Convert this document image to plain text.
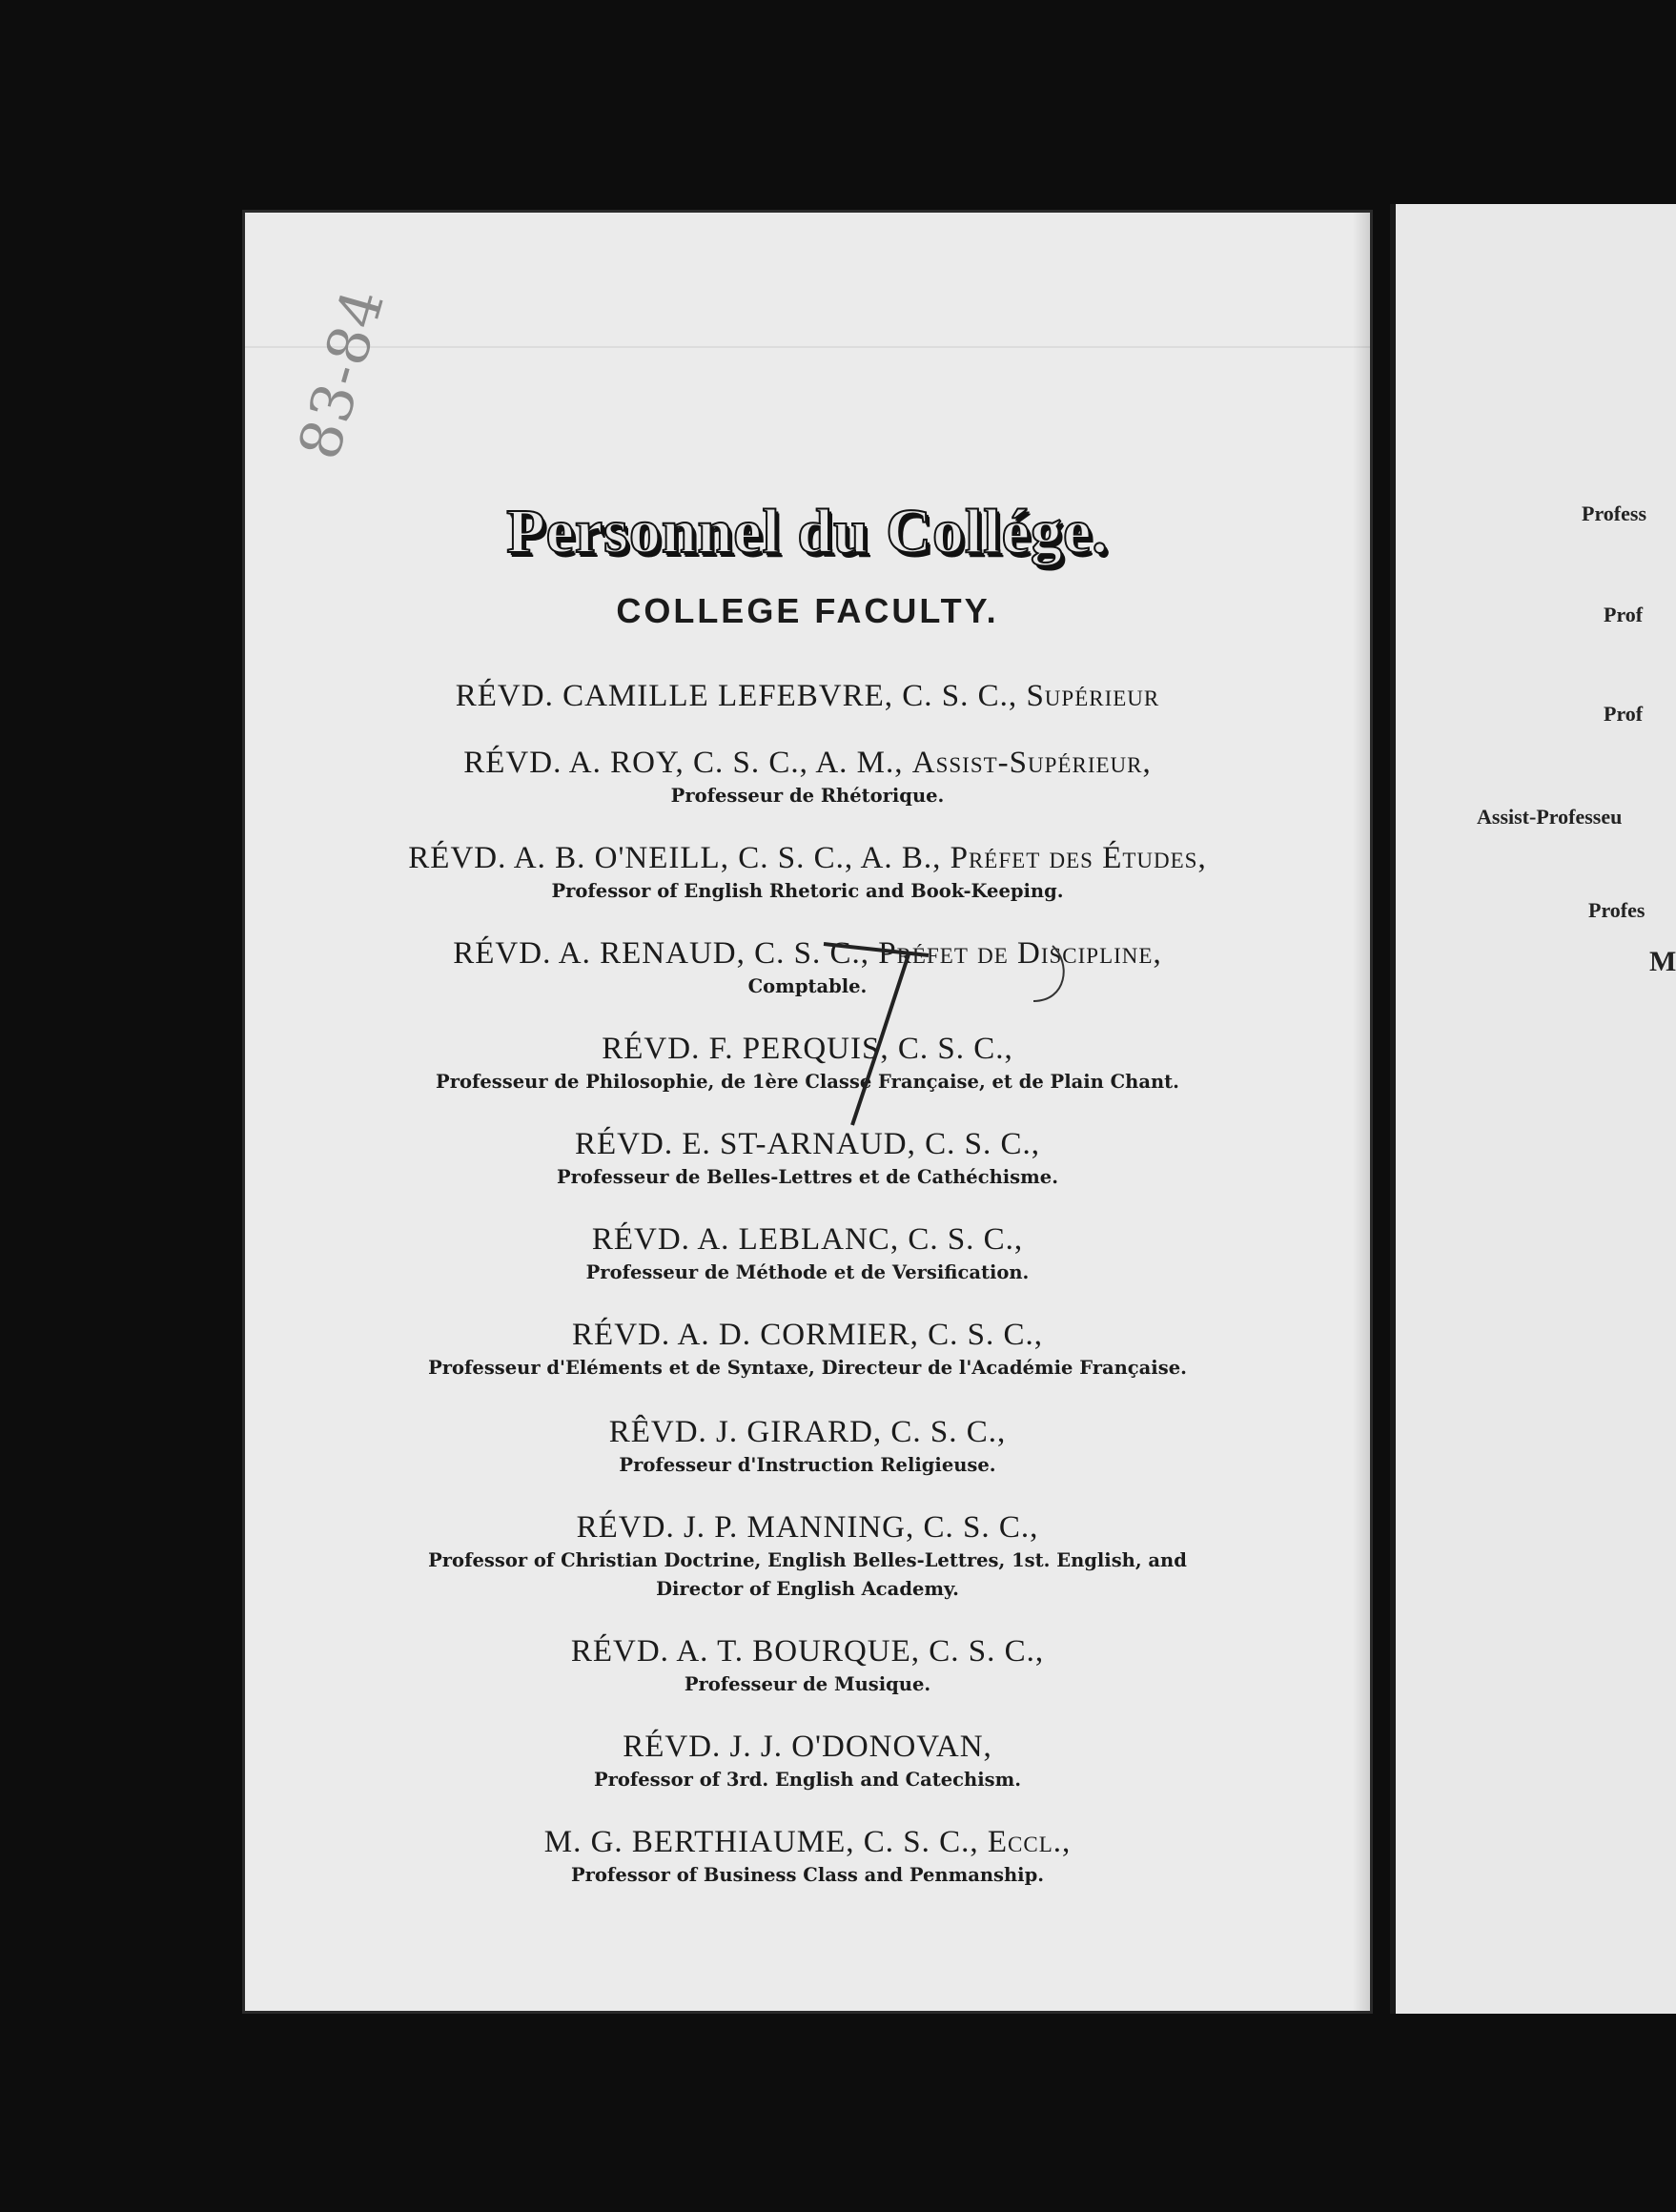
Profess
Prof
Prof
Assist-Professeu
Profes
M
83-84
Personnel du Collége.
COLLEGE FACULTY.
RÉVD. CAMILLE LEFEBVRE, C. S. C., Supérieur
RÉVD. A. ROY, C. S. C., A. M., Assist-Supérieur,
Professeur de Rhétorique.
RÉVD. A. B. O'NEILL, C. S. C., A. B., Préfet des Études,
Professor of English Rhetoric and Book-Keeping.
RÉVD. A. RENAUD, C. S. C., Préfet de Discipline,
Comptable.
RÉVD. F. PERQUIS, C. S. C.,
Professeur de Philosophie, de 1ère Classe Française, et de Plain Chant.
RÉVD. E. ST-ARNAUD, C. S. C.,
Professeur de Belles-Lettres et de Cathéchisme.
RÉVD. A. LEBLANC, C. S. C.,
Professeur de Méthode et de Versification.
RÉVD. A. D. CORMIER, C. S. C.,
Professeur d'Eléments et de Syntaxe, Directeur de l'Académie Française.
RÊVD. J. GIRARD, C. S. C.,
Professeur d'Instruction Religieuse.
RÉVD. J. P. MANNING, C. S. C.,
Professor of Christian Doctrine, English Belles-Lettres, 1st. English, and
Director of English Academy.
RÉVD. A. T. BOURQUE, C. S. C.,
Professeur de Musique.
RÉVD. J. J. O'DONOVAN,
Professor of 3rd. English and Catechism.
M. G. BERTHIAUME, C. S. C., Eccl.,
Professor of Business Class and Penmanship.
